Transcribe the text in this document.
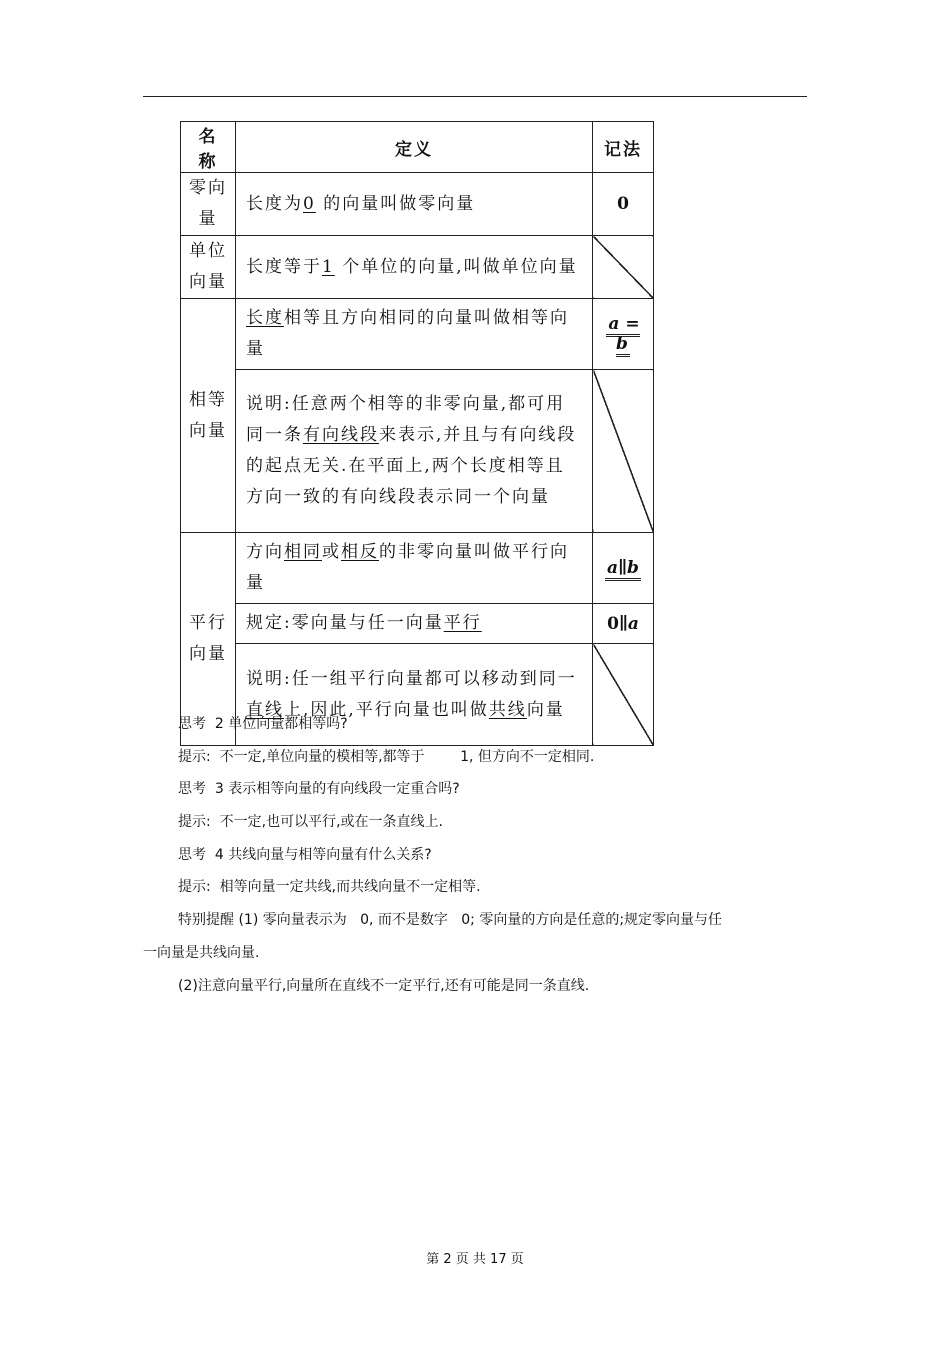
名称	定义	记法
零向量	长度为0 的向量叫做零向量	0
单位
向量	长度等于1 个单位的向量,叫做单位向量	
相等
向量	长度相等且方向相同的向量叫做相等向量	a = b
	说明:任意两个相等的非零向量,都可用同一条有向线段来表示,并且与有向线段的起点无关.在平面上,两个长度相等且方向一致的有向线段表示同一个向量	
平行
向量	方向相同或相反的非零向量叫做平行向量	a∥b
	规定:零向量与任一向量平行	0∥a
	说明:任一组平行向量都可以移动到同一直线上,因此,平行向量也叫做共线向量	
思考  2 单位向量都相等吗?
提示:  不一定,单位向量的模相等,都等于        1, 但方向不一定相同.
思考  3 表示相等向量的有向线段一定重合吗?
提示:  不一定,也可以平行,或在一条直线上.
思考  4 共线向量与相等向量有什么关系?
提示:  相等向量一定共线,而共线向量不一定相等.
特别提醒 (1) 零向量表示为   0, 而不是数字   0; 零向量的方向是任意的;规定零向量与任
一向量是共线向量.
(2)注意向量平行,向量所在直线不一定平行,还有可能是同一条直线.
第 2 页 共 17 页
